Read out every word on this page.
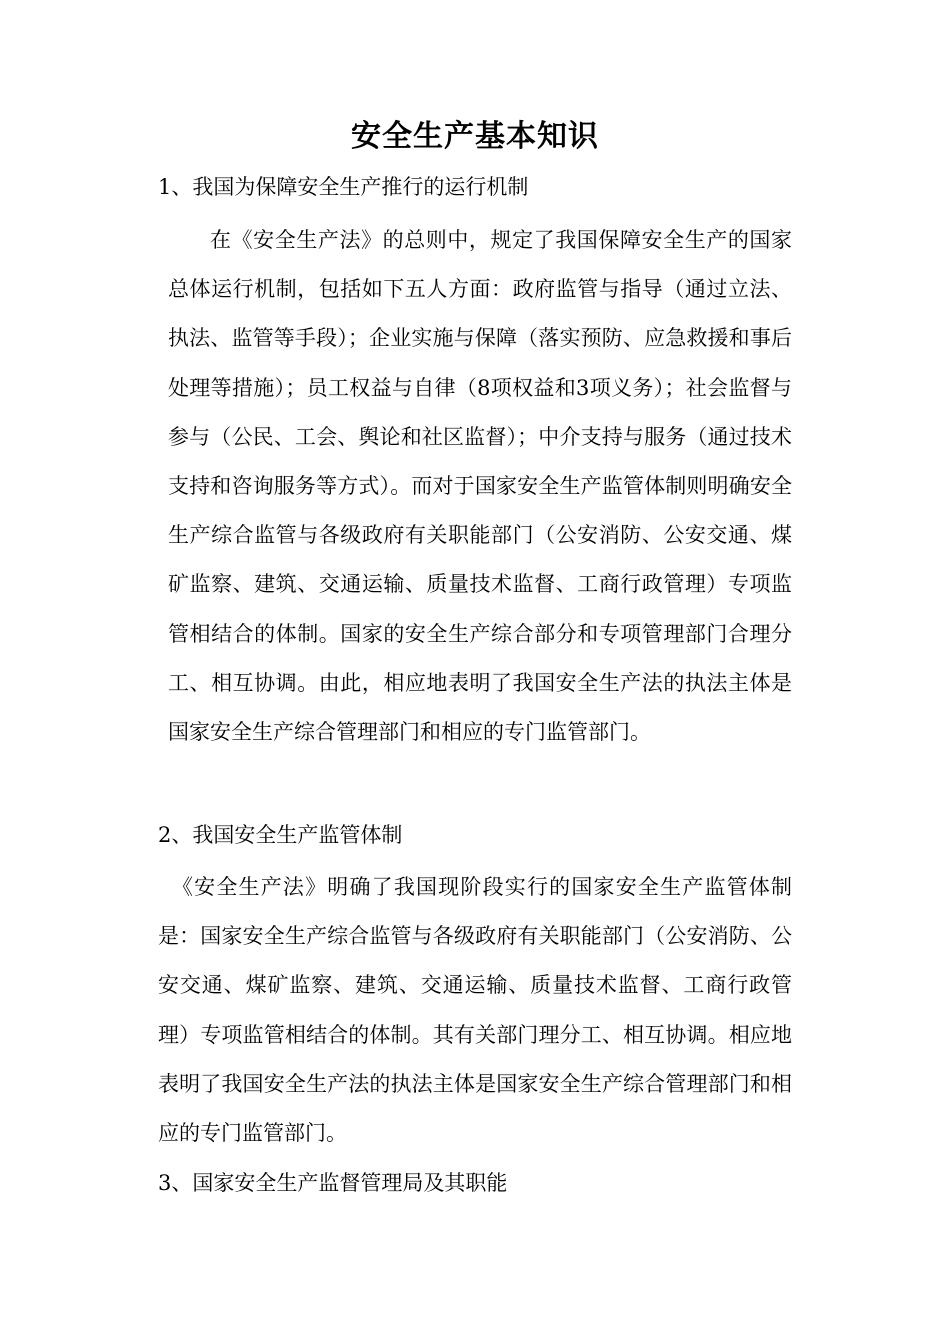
安全生产基本知识
1、我国为保障安全生产推行的运行机制
在《安全生产法》的总则中，规定了我国保障安全生产的国家总体运行机制，包括如下五人方面：政府监管与指导（通过立法、执法、监管等手段）；企业实施与保障（落实预防、应急救援和事后处理等措施）；员工权益与自律（8项权益和3项义务）；社会监督与参与（公民、工会、舆论和社区监督）；中介支持与服务（通过技术支持和咨询服务等方式）。而对于国家安全生产监管体制则明确安全生产综合监管与各级政府有关职能部门（公安消防、公安交通、煤矿监察、建筑、交通运输、质量技术监督、工商行政管理）专项监管相结合的体制。国家的安全生产综合部分和专项管理部门合理分工、相互协调。由此，相应地表明了我国安全生产法的执法主体是国家安全生产综合管理部门和相应的专门监管部门。
2、我国安全生产监管体制
《安全生产法》明确了我国现阶段实行的国家安全生产监管体制是：国家安全生产综合监管与各级政府有关职能部门（公安消防、公安交通、煤矿监察、建筑、交通运输、质量技术监督、工商行政管理）专项监管相结合的体制。其有关部门理分工、相互协调。相应地表明了我国安全生产法的执法主体是国家安全生产综合管理部门和相应的专门监管部门。
3、国家安全生产监督管理局及其职能
